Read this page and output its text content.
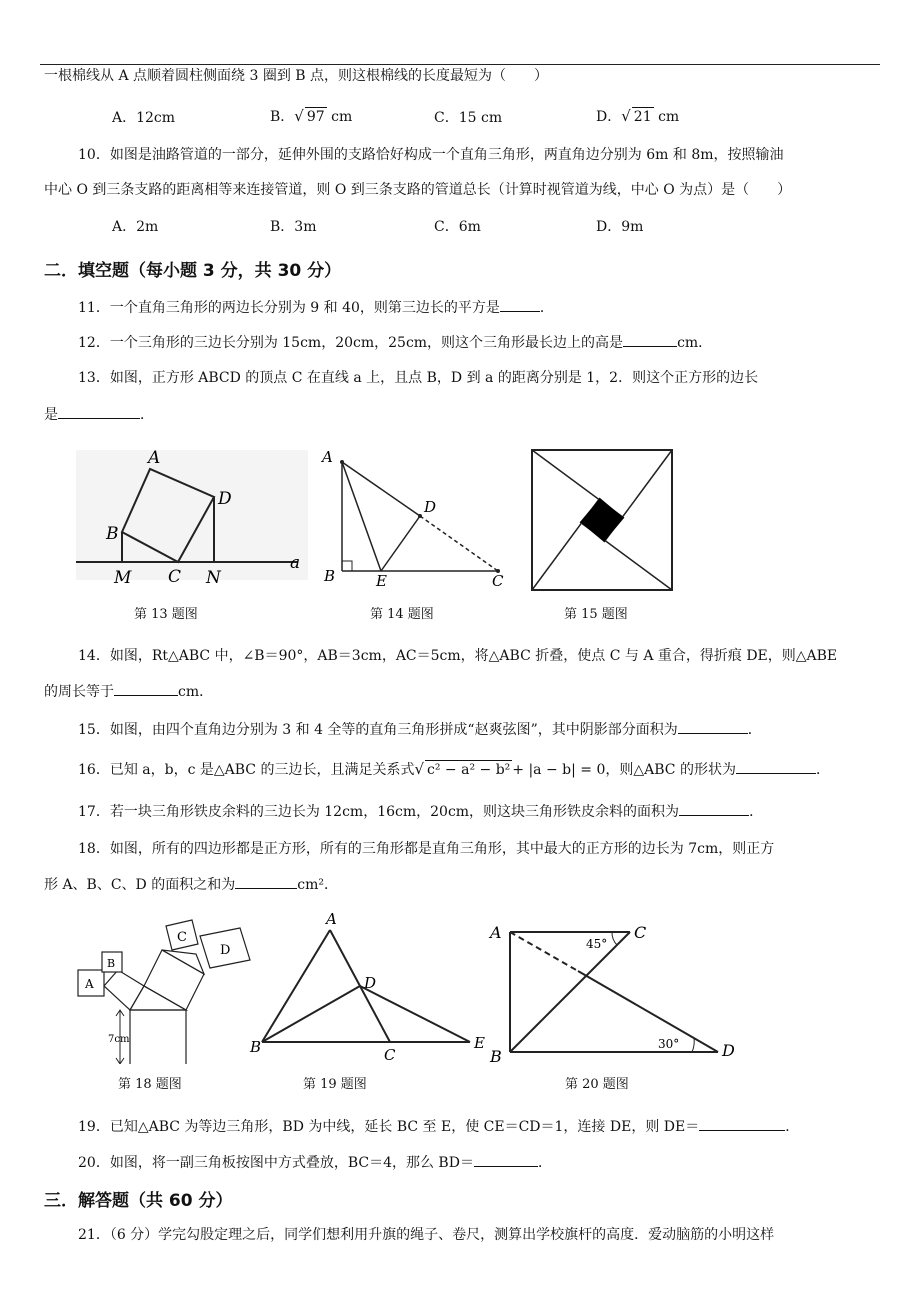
一根棉线从 A 点顺着圆柱侧面绕 3 圈到 B 点，则这根棉线的长度最短为（　　）
A．12cm	B．√ 97 cm	C．15 cm	D．√ 21 cm
10．如图是油路管道的一部分，延伸外围的支路恰好构成一个直角三角形，两直角边分别为 6m 和 8m，按照输油
中心 O 到三条支路的距离相等来连接管道，则 O 到三条支路的管道总长（计算时视管道为线，中心 O 为点）是（　　）
A．2m	B．3m	C．6m	D．9m
二．填空题（每小题 3 分，共 30 分）
11．一个直角三角形的两边长分别为 9 和 40，则第三边长的平方是	．
12．一个三角形的三边长分别为 15cm，20cm，25cm，则这个三角形最长边上的高是	cm．
13．如图，正方形 ABCD 的顶点 C 在直线 a 上，且点 B，D 到 a 的距离分别是 1，2．则这个正方形的边长
是	．
A
B
C
D
M	N
a
第 13 题图
A
B	E
D
C
第 14 题图	第 15 题图
14．如图，Rt△ABC 中，∠B＝90°，AB＝3cm，AC＝5cm，将△ABC 折叠，使点 C 与 A 重合，得折痕 DE，则△ABE
的周长等于	cm．
15．如图，由四个直角边分别为 3 和 4 全等的直角三角形拼成“赵爽弦图”，其中阴影部分面积为	．
16．已知 a，b，c 是△ABC 的三边长，且满足关系式√ c² − a² − b² + |a − b| = 0，则△ABC 的形状为	．
17．若一块三角形铁皮余料的三边长为 12cm，16cm，20cm，则这块三角形铁皮余料的面积为	．
18．如图，所有的四边形都是正方形，所有的三角形都是直角三角形，其中最大的正方形的边长为 7cm，则正方
形 A、B、C、D 的面积之和为	cm²．
A
B
C
D
7cm
第 18 题图
A
B	C
D
E
第 19 题图
A
B
C
D
45°
30°
第 20 题图
19．已知△ABC 为等边三角形，BD 为中线，延长 BC 至 E，使 CE＝CD＝1，连接 DE，则 DE＝	．
20．如图，将一副三角板按图中方式叠放，BC＝4，那么 BD＝	．
三．解答题（共 60 分）
21．（6 分）学完勾股定理之后，同学们想利用升旗的绳子、卷尺，测算出学校旗杆的高度．爱动脑筋的小明这样
